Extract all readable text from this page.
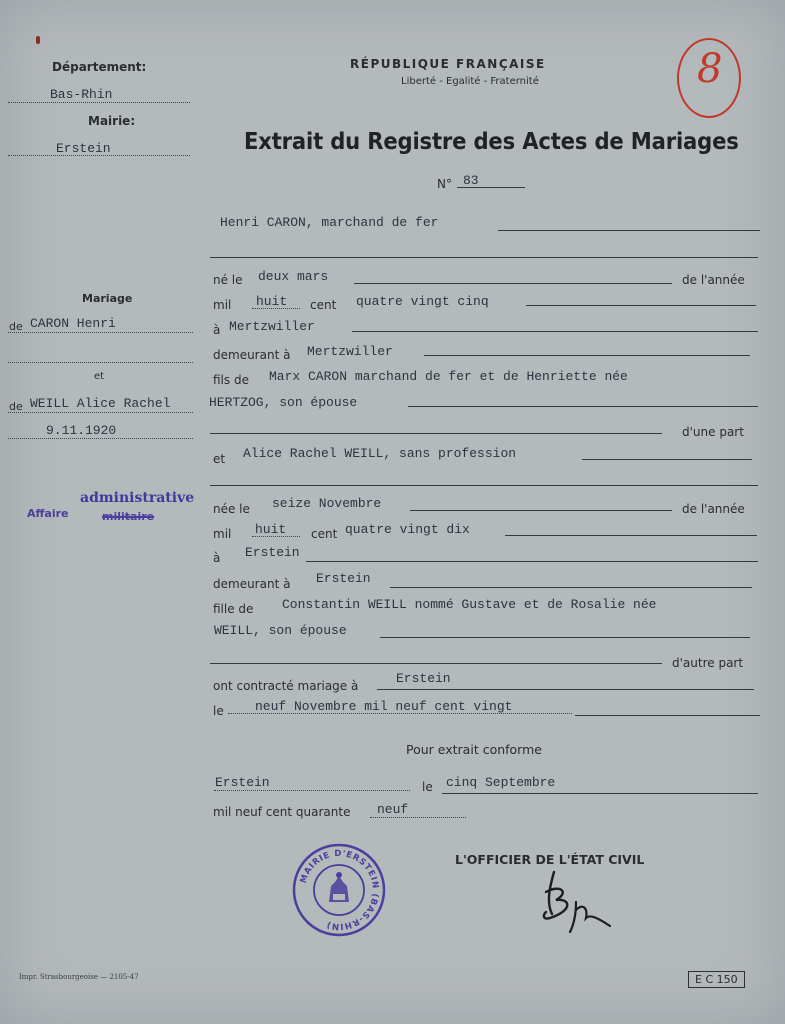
Département:
Bas-Rhin
Mairie:
Erstein
Mariage
de CARON Henri
et
de WEILL Alice Rachel
9.11.1920
Affaire
administrative
militaire
RÉPUBLIQUE FRANÇAISE
Liberté - Egalité - Fraternité	8
Extrait du Registre des Actes de Mariages
N° 83
Henri CARON, marchand de fer
né le deux mars	de l'année
mil huit cent quatre vingt cinq
à Mertzwiller
demeurant à Mertzwiller
fils de Marx CARON marchand de fer et de Henriette née
HERTZOG, son épouse
d'une part
et Alice Rachel WEILL, sans profession
née le seize Novembre	de l'année
mil huit cent quatre vingt dix
à Erstein
demeurant à Erstein
fille de Constantin WEILL nommé Gustave et de Rosalie née
WEILL, son épouse
d'autre part
ont contracté mariage à	Erstein
le neuf Novembre mil neuf cent vingt
Pour extrait conforme
Erstein	le cinq Septembre
mil neuf cent quarante neuf
L'OFFICIER DE L'ÉTAT CIVIL
MAIRIE D'ERSTEIN (BAS-RHIN)
Impr. Strasbourgeoise — 2105-47	E C 150
